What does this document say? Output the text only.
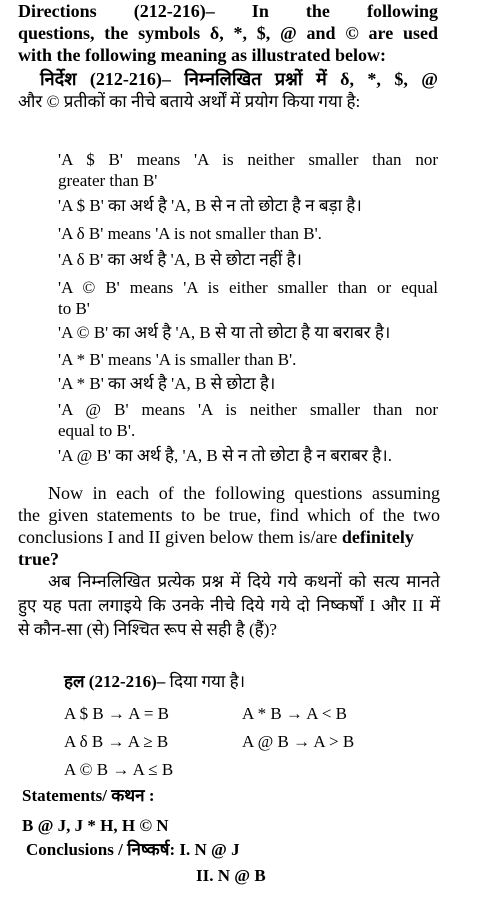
Directions (212-216)– In the following
questions, the symbols δ, *, $, @ and © are used
with the following meaning as illustrated below:
निर्देश (212-216)– निम्नलिखित प्रश्नों में δ, *, $, @
और © प्रतीकों का नीचे बताये अर्थों में प्रयोग किया गया है:
'A $ B' means 'A is neither smaller than nor
greater than B'
'A $ B' का अर्थ है 'A, B से न तो छोटा है न बड़ा है।
'A δ B' means 'A is not smaller than B'.
'A δ B' का अर्थ है 'A, B से छोटा नहीं है।
'A © B' means 'A is either smaller than or equal
to B'
'A © B' का अर्थ है 'A, B से या तो छोटा है या बराबर है।
'A * B' means 'A is smaller than B'.
'A * B' का अर्थ है 'A, B से छोटा है।
'A @ B' means 'A is neither smaller than nor
equal to B'.
'A @ B' का अर्थ है, 'A, B से न तो छोटा है न बराबर है।.
Now in each of the following questions assuming
the given statements to be true, find which of the two
conclusions I and II given below them is/are definitely
true?
अब निम्नलिखित प्रत्येक प्रश्न में दिये गये कथनों को सत्य मानते
हुए यह पता लगाइये कि उनके नीचे दिये गये दो निष्कर्षों I और II में
से कौन-सा (से) निश्चित रूप से सही है (हैं)?
हल (212-216)– दिया गया है।
A $ B → A = B	A * B → A < B
A δ B → A ≥ B	A @ B → A > B
A © B → A ≤ B	
Statements/ कथन :
B @ J, J * H, H © N
Conclusions / निष्कर्ष: I. N @ J
II. N @ B
